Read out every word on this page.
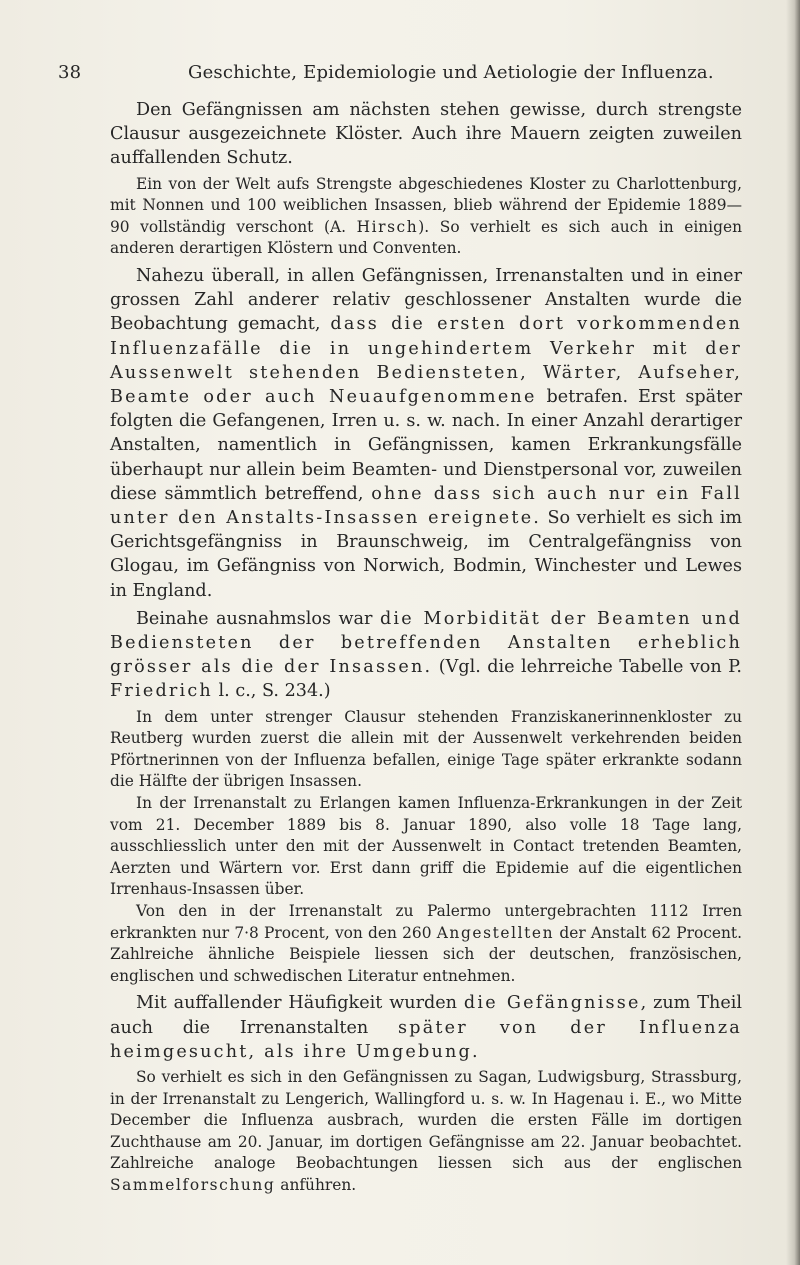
38	Geschichte, Epidemiologie und Aetiologie der Influenza.

Den Gefängnissen am nächsten stehen gewisse, durch strengste Clausur ausgezeichnete Klöster. Auch ihre Mauern zeigten zuweilen auffallenden Schutz.

Ein von der Welt aufs Strengste abgeschiedenes Kloster zu Charlottenburg, mit Nonnen und 100 weiblichen Insassen, blieb während der Epidemie 1889—90 vollständig verschont (A. Hirsch). So verhielt es sich auch in einigen anderen derartigen Klöstern und Conventen.

Nahezu überall, in allen Gefängnissen, Irrenanstalten und in einer grossen Zahl anderer relativ geschlossener Anstalten wurde die Beobachtung gemacht, dass die ersten dort vorkommenden Influenzafälle die in ungehindertem Verkehr mit der Aussenwelt stehenden Bediensteten, Wärter, Aufseher, Beamte oder auch Neuaufgenommene betrafen. Erst später folgten die Gefangenen, Irren u. s. w. nach. In einer Anzahl derartiger Anstalten, namentlich in Gefängnissen, kamen Erkrankungsfälle überhaupt nur allein beim Beamten- und Dienstpersonal vor, zuweilen diese sämmtlich betreffend, ohne dass sich auch nur ein Fall unter den Anstalts-Insassen ereignete. So verhielt es sich im Gerichtsgefängniss in Braunschweig, im Centralgefängniss von Glogau, im Gefängniss von Norwich, Bodmin, Winchester und Lewes in England.

Beinahe ausnahmslos war die Morbidität der Beamten und Bediensteten der betreffenden Anstalten erheblich grösser als die der Insassen. (Vgl. die lehrreiche Tabelle von P. Friedrich l. c., S. 234.)

In dem unter strenger Clausur stehenden Franziskanerinnenkloster zu Reutberg wurden zuerst die allein mit der Aussenwelt verkehrenden beiden Pförtnerinnen von der Influenza befallen, einige Tage später erkrankte sodann die Hälfte der übrigen Insassen.

In der Irrenanstalt zu Erlangen kamen Influenza-Erkrankungen in der Zeit vom 21. December 1889 bis 8. Januar 1890, also volle 18 Tage lang, ausschliesslich unter den mit der Aussenwelt in Contact tretenden Beamten, Aerzten und Wärtern vor. Erst dann griff die Epidemie auf die eigentlichen Irrenhaus-Insassen über.

Von den in der Irrenanstalt zu Palermo untergebrachten 1112 Irren erkrankten nur 7·8 Procent, von den 260 Angestellten der Anstalt 62 Procent. Zahlreiche ähnliche Beispiele liessen sich der deutschen, französischen, englischen und schwedischen Literatur entnehmen.

Mit auffallender Häufigkeit wurden die Gefängnisse, zum Theil auch die Irrenanstalten später von der Influenza heimgesucht, als ihre Umgebung.

So verhielt es sich in den Gefängnissen zu Sagan, Ludwigsburg, Strassburg, in der Irrenanstalt zu Lengerich, Wallingford u. s. w. In Hagenau i. E., wo Mitte December die Influenza ausbrach, wurden die ersten Fälle im dortigen Zuchthause am 20. Januar, im dortigen Gefängnisse am 22. Januar beobachtet. Zahlreiche analoge Beobachtungen liessen sich aus der englischen Sammelforschung anführen.
